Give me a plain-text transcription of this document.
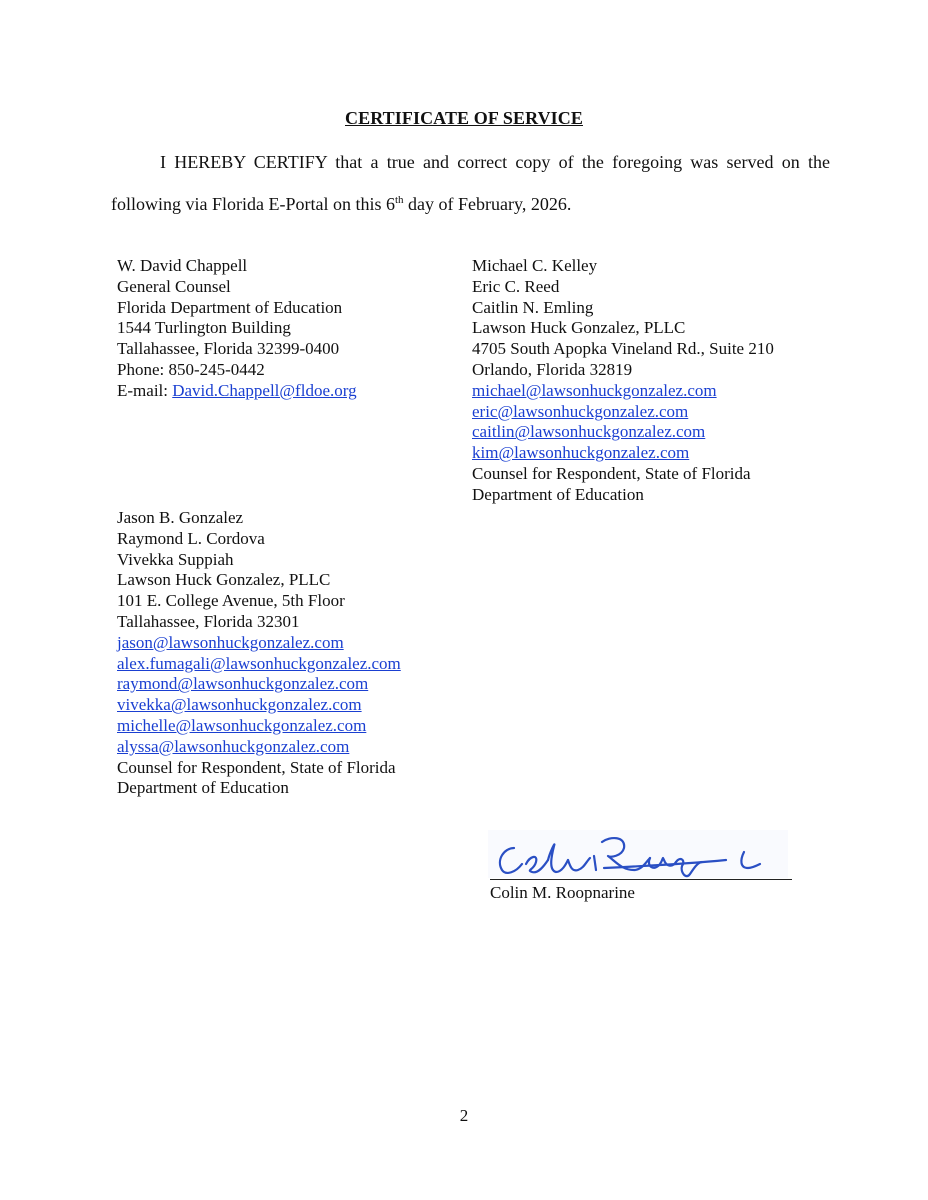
CERTIFICATE OF SERVICE
I HEREBY CERTIFY that a true and correct copy of the foregoing was served on the
following via Florida E-Portal on this 6th day of February, 2026.
W. David Chappell
General Counsel
Florida Department of Education
1544 Turlington Building
Tallahassee, Florida 32399-0400
Phone: 850-245-0442
E-mail: David.Chappell@fldoe.org
Michael C. Kelley
Eric C. Reed
Caitlin N. Emling
Lawson Huck Gonzalez, PLLC
4705 South Apopka Vineland Rd., Suite 210
Orlando, Florida 32819
michael@lawsonhuckgonzalez.com
eric@lawsonhuckgonzalez.com
caitlin@lawsonhuckgonzalez.com
kim@lawsonhuckgonzalez.com
Counsel for Respondent, State of Florida
Department of Education
Jason B. Gonzalez
Raymond L. Cordova
Vivekka Suppiah
Lawson Huck Gonzalez, PLLC
101 E. College Avenue, 5th Floor
Tallahassee, Florida 32301
jason@lawsonhuckgonzalez.com
alex.fumagali@lawsonhuckgonzalez.com
raymond@lawsonhuckgonzalez.com
vivekka@lawsonhuckgonzalez.com
michelle@lawsonhuckgonzalez.com
alyssa@lawsonhuckgonzalez.com
Counsel for Respondent, State of Florida
Department of Education
Colin M. Roopnarine
2
